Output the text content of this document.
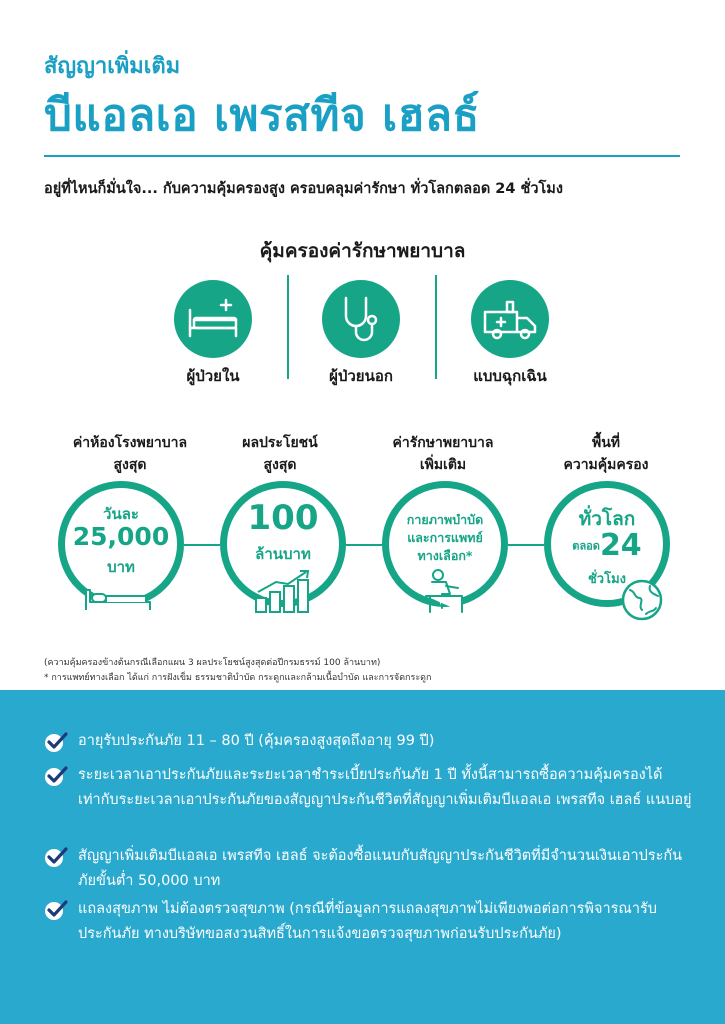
สัญญาเพิ่มเติม
บีแอลเอ เพรสทีจ เฮลธ์
อยู่ที่ไหนก็มั่นใจ... กับความคุ้มครองสูง ครอบคลุมค่ารักษา ทั่วโลกตลอด 24 ชั่วโมง
คุ้มครองค่ารักษาพยาบาล
ผู้ป่วยใน	ผู้ป่วยนอก	แบบฉุกเฉิน
ค่าห้องโรงพยาบาล
สูงสุด
ผลประโยชน์
สูงสุด
ค่ารักษาพยาบาล
เพิ่มเติม
พื้นที่
ความคุ้มครอง
วันละ
25,000
บาท
100
ล้านบาท
กายภาพบำบัด
และการแพทย์
ทางเลือก*
ทั่วโลก
ตลอด24
ชั่วโมง
(ความคุ้มครองข้างต้นกรณีเลือกแผน 3 ผลประโยชน์สูงสุดต่อปีกรมธรรม์ 100 ล้านบาท)
* การแพทย์ทางเลือก ได้แก่ การฝังเข็ม ธรรมชาติบำบัด กระดูกและกล้ามเนื้อบำบัด และการจัดกระดูก
อายุรับประกันภัย 11 – 80 ปี (คุ้มครองสูงสุดถึงอายุ 99 ปี)
ระยะเวลาเอาประกันภัยและระยะเวลาชำระเบี้ยประกันภัย 1 ปี ทั้งนี้สามารถซื้อความคุ้มครองได้เท่ากับระยะเวลาเอาประกันภัยของสัญญาประกันชีวิตที่สัญญาเพิ่มเติมบีแอลเอ เพรสทีจ เฮลธ์ แนบอยู่
สัญญาเพิ่มเติมบีแอลเอ เพรสทีจ เฮลธ์ จะต้องซื้อแนบกับสัญญาประกันชีวิตที่มีจำนวนเงินเอาประกันภัยขั้นต่ำ 50,000 บาท
แถลงสุขภาพ ไม่ต้องตรวจสุขภาพ (กรณีที่ข้อมูลการแถลงสุขภาพไม่เพียงพอต่อการพิจารณารับประกันภัย ทางบริษัทขอสงวนสิทธิ์ในการแจ้งขอตรวจสุขภาพก่อนรับประกันภัย)
